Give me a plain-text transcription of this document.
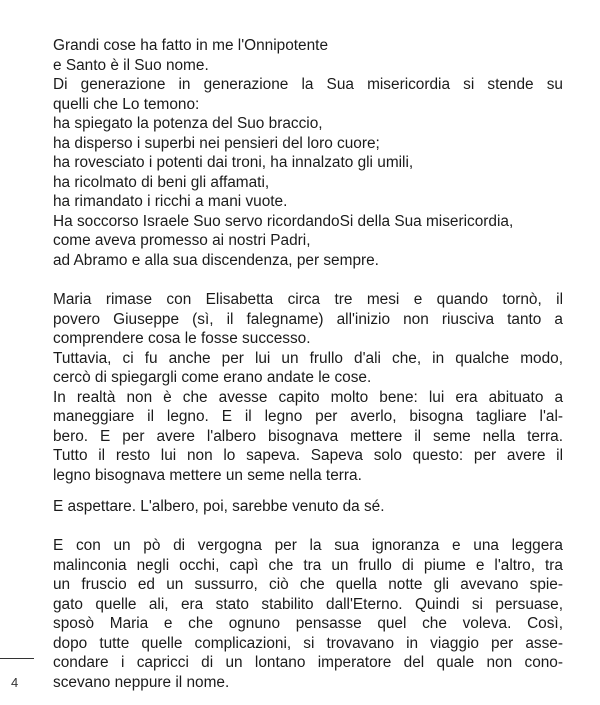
Grandi cose ha fatto in me l'Onnipotente
e Santo è il Suo nome.
Di generazione in generazione la Sua misericordia si stende su
quelli che Lo temono:
ha spiegato la potenza del Suo braccio,
ha disperso i superbi nei pensieri del loro cuore;
ha rovesciato i potenti dai troni, ha innalzato gli umili,
ha ricolmato di beni gli affamati,
ha rimandato i ricchi a mani vuote.
Ha soccorso Israele Suo servo ricordandoSi della Sua misericordia,
come aveva promesso ai nostri Padri,
ad Abramo e alla sua discendenza, per sempre.
Maria rimase con Elisabetta circa tre mesi e quando tornò, il
povero Giuseppe (sì, il falegname) all'inizio non riusciva tanto a
comprendere cosa le fosse successo.
Tuttavia, ci fu anche per lui un frullo d'ali che, in qualche modo,
cercò di spiegargli come erano andate le cose.
In realtà non è che avesse capito molto bene: lui era abituato a
maneggiare il legno. E il legno per averlo, bisogna tagliare l'al-
bero. E per avere l'albero bisognava mettere il seme nella terra.
Tutto il resto lui non lo sapeva. Sapeva solo questo: per avere il
legno bisognava mettere un seme nella terra.
E aspettare. L'albero, poi, sarebbe venuto da sé.
E con un pò di vergogna per la sua ignoranza e una leggera
malinconia negli occhi, capì che tra un frullo di piume e l'altro, tra
un fruscio ed un sussurro, ciò che quella notte gli avevano spie-
gato quelle ali, era stato stabilito dall'Eterno. Quindi si persuase,
sposò Maria e che ognuno pensasse quel che voleva. Così,
dopo tutte quelle complicazioni, si trovavano in viaggio per asse-
condare i capricci di un lontano imperatore del quale non cono-
scevano neppure il nome.
4
